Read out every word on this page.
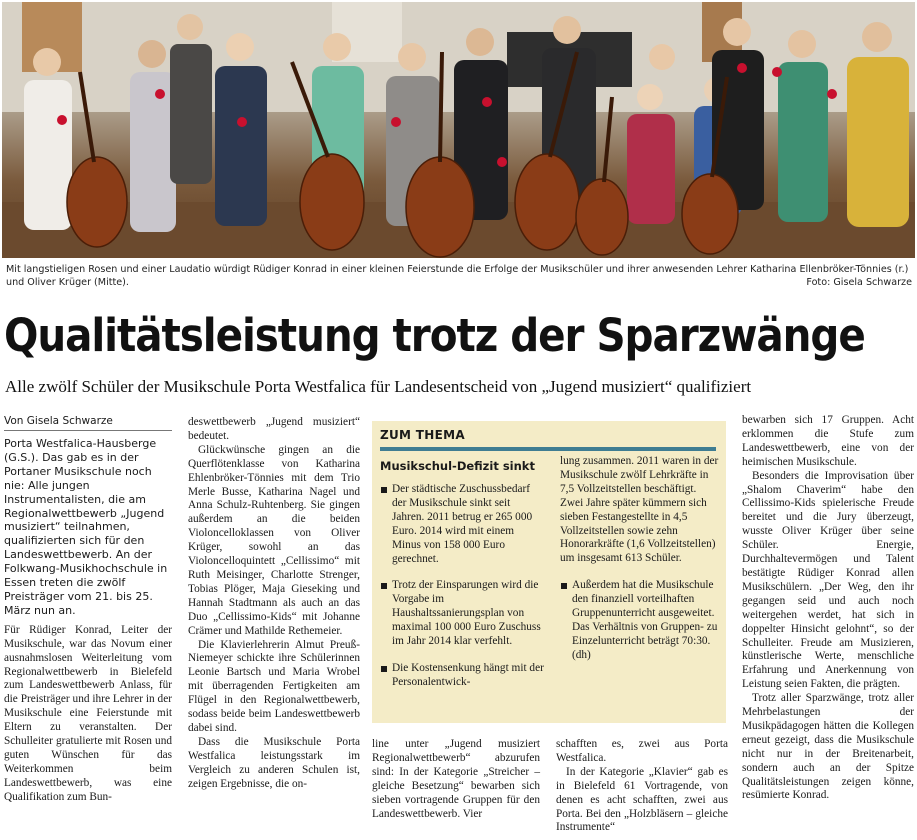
Mit langstieligen Rosen und einer Laudatio würdigt Rüdiger Konrad in einer kleinen Feierstunde die Erfolge der Musikschüler und ihrer anwesenden Lehrer Katharina Ellenbröker-Tönnies (r.) und Oliver Krüger (Mitte).	Foto: Gisela Schwarze
Qualitätsleistung trotz der Sparzwänge
Alle zwölf Schüler der Musikschule Porta Westfalica für Landesentscheid von „Jugend musiziert“ qualifiziert
Von Gisela Schwarze

Porta Westfalica-Hausberge (G.S.). Das gab es in der Portaner Musikschule noch nie: Alle jungen Instrumentalisten, die am Regionalwettbewerb „Jugend musiziert“ teilnahmen, qualifizierten sich für den Landeswettbewerb. An der Folkwang-Musikhochschule in Essen treten die zwölf Preisträger vom 21. bis 25. März nun an.

Für Rüdiger Konrad, Leiter der Musikschule, war das Novum einer ausnahmslosen Weiterleitung vom Regionalwettbewerb in Bielefeld zum Landeswettbewerb Anlass, für die Preisträger und ihre Lehrer in der Musikschule eine Feierstunde mit Eltern zu veranstalten. Der Schulleiter gratulierte mit Rosen und guten Wünschen für das Weiterkommen beim Landeswettbewerb, was eine Qualifikation zum Bun-

deswettbewerb „Jugend musiziert“ bedeutet.

Glückwünsche gingen an die Querflötenklasse von Katharina Ehlenbröker-Tönnies mit dem Trio Merle Busse, Katharina Nagel und Anna Schulz-Ruhtenberg. Sie gingen außerdem an die beiden Violoncelloklassen von Oliver Krüger, sowohl an das Violoncelloquintett „Cellissimo“ mit Ruth Meisinger, Charlotte Strenger, Tobias Plöger, Maja Gieseking und Hannah Stadtmann als auch an das Duo „Cellissimo-Kids“ mit Johanne Crämer und Mathilde Rethemeier.

Die Klavierlehrerin Almut Preuß-Niemeyer schickte ihre Schülerinnen Leonie Bartsch und Maria Wrobel mit überragenden Fertigkeiten am Flügel in den Regionalwettbewerb, sodass beide beim Landeswettbewerb dabei sind.

Dass die Musikschule Porta Westfalica leistungsstark im Vergleich zu anderen Schulen ist, zeigen Ergebnisse, die on-

ZUM THEMA
Musikschul-Defizit sinkt
Der städtische Zuschussbedarf der Musikschule sinkt seit Jahren. 2011 betrug er 265 000 Euro. 2014 wird mit einem Minus von 158 000 Euro gerechnet.
Trotz der Einsparungen wird die Vorgabe im Haushaltssanierungsplan von maximal 100 000 Euro Zuschuss im Jahr 2014 klar verfehlt.
Die Kostensenkung hängt mit der Personalentwick-
lung zusammen. 2011 waren in der Musikschule zwölf Lehrkräfte in 7,5 Vollzeitstellen beschäftigt. Zwei Jahre später kümmern sich sieben Festangestellte in 4,5 Vollzeitstellen sowie zehn Honorarkräfte (1,6 Vollzeitstellen) um insgesamt 613 Schüler.
Außerdem hat die Musikschule den finanziell vorteilhaften Gruppenunterricht ausgeweitet. Das Verhältnis von Gruppen- zu Einzelunterricht beträgt 70:30. (dh)

line unter „Jugend musiziert Regionalwettbewerb“ abzurufen sind: In der Kategorie „Streicher – gleiche Besetzung“ bewarben sich sieben vortragende Gruppen für den Landeswettbewerb. Vier

schafften es, zwei aus Porta Westfalica.

In der Kategorie „Klavier“ gab es in Bielefeld 61 Vortragende, von denen es acht schafften, zwei aus Porta. Bei den „Holzbläsern – gleiche Instrumente“

bewarben sich 17 Gruppen. Acht erklommen die Stufe zum Landeswettbewerb, eine von der heimischen Musikschule.

Besonders die Improvisation über „Shalom Chaverim“ habe den Cellissimo-Kids spielerische Freude bereitet und die Jury überzeugt, wusste Oliver Krüger über seine Schüler. Energie, Durchhaltevermögen und Talent bestätigte Rüdiger Konrad allen Musikschülern. „Der Weg, den ihr gegangen seid und auch noch weitergehen werdet, hat sich in doppelter Hinsicht gelohnt“, so der Schulleiter. Freude am Musizieren, künstlerische Werte, menschliche Erfahrung und Anerkennung von Leistung seien Fakten, die prägten.

Trotz aller Sparzwänge, trotz aller Mehrbelastungen der Musikpädagogen hätten die Kollegen erneut gezeigt, dass die Musikschule nicht nur in der Breitenarbeit, sondern auch an der Spitze Qualitätsleistungen zeigen könne, resümierte Konrad.
